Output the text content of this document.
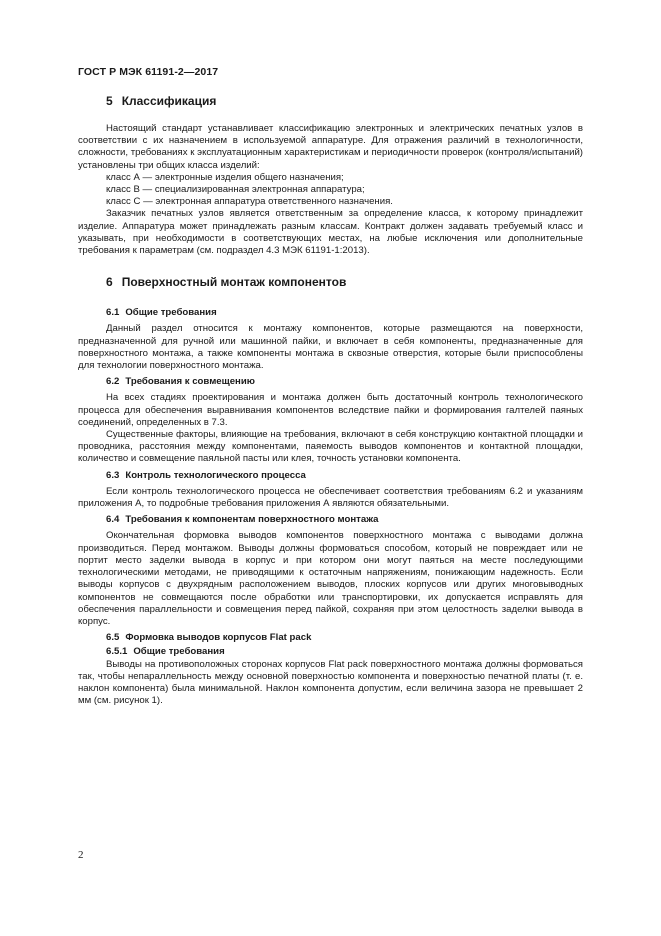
ГОСТ Р МЭК 61191-2—2017
5 Классификация

Настоящий стандарт устанавливает классификацию электронных и электрических печатных узлов в соответствии с их назначением в используемой аппаратуре. Для отражения различий в технологичности, сложности, требованиях к эксплуатационным характеристикам и периодичности проверок (контроля/испытаний) установлены три общих класса изделий:

класс А — электронные изделия общего назначения;

класс В — специализированная электронная аппаратура;

класс С — электронная аппаратура ответственного назначения.

Заказчик печатных узлов является ответственным за определение класса, к которому принадлежит изделие. Аппаратура может принадлежать разным классам. Контракт должен задавать требуемый класс и указывать, при необходимости в соответствующих местах, на любые исключения или дополнительные требования к параметрам (см. подраздел 4.3 МЭК 61191-1:2013).

6 Поверхностный монтаж компонентов
6.1 Общие требования

Данный раздел относится к монтажу компонентов, которые размещаются на поверхности, предназначенной для ручной или машинной пайки, и включает в себя компоненты, предназначенные для поверхностного монтажа, а также компоненты монтажа в сквозные отверстия, которые были приспособлены для технологии поверхностного монтажа.

6.2 Требования к совмещению

На всех стадиях проектирования и монтажа должен быть достаточный контроль технологического процесса для обеспечения выравнивания компонентов вследствие пайки и формирования галтелей паяных соединений, определенных в 7.3.

Существенные факторы, влияющие на требования, включают в себя конструкцию контактной площадки и проводника, расстояния между компонентами, паяемость выводов компонентов и контактной площадки, количество и совмещение паяльной пасты или клея, точность установки компонента.

6.3 Контроль технологического процесса

Если контроль технологического процесса не обеспечивает соответствия требованиям 6.2 и указаниям приложения А, то подробные требования приложения А являются обязательными.

6.4 Требования к компонентам поверхностного монтажа

Окончательная формовка выводов компонентов поверхностного монтажа с выводами должна производиться. Перед монтажом. Выводы должны формоваться способом, который не повреждает или не портит место заделки вывода в корпус и при котором они могут паяться на месте последующими технологическими методами, не приводящими к остаточным напряжениям, понижающим надежность. Если выводы корпусов с двухрядным расположением выводов, плоских корпусов или других многовыводных компонентов не совмещаются после обработки или транспортировки, их допускается исправлять для обеспечения параллельности и совмещения перед пайкой, сохраняя при этом целостность заделки вывода в корпус.

6.5 Формовка выводов корпусов Flat pack
6.5.1 Общие требования

Выводы на противоположных сторонах корпусов Flat pack поверхностного монтажа должны формоваться так, чтобы непараллельность между основной поверхностью компонента и поверхностью печатной платы (т. е. наклон компонента) была минимальной. Наклон компонента допустим, если величина зазора не превышает 2 мм (см. рисунок 1).

2
